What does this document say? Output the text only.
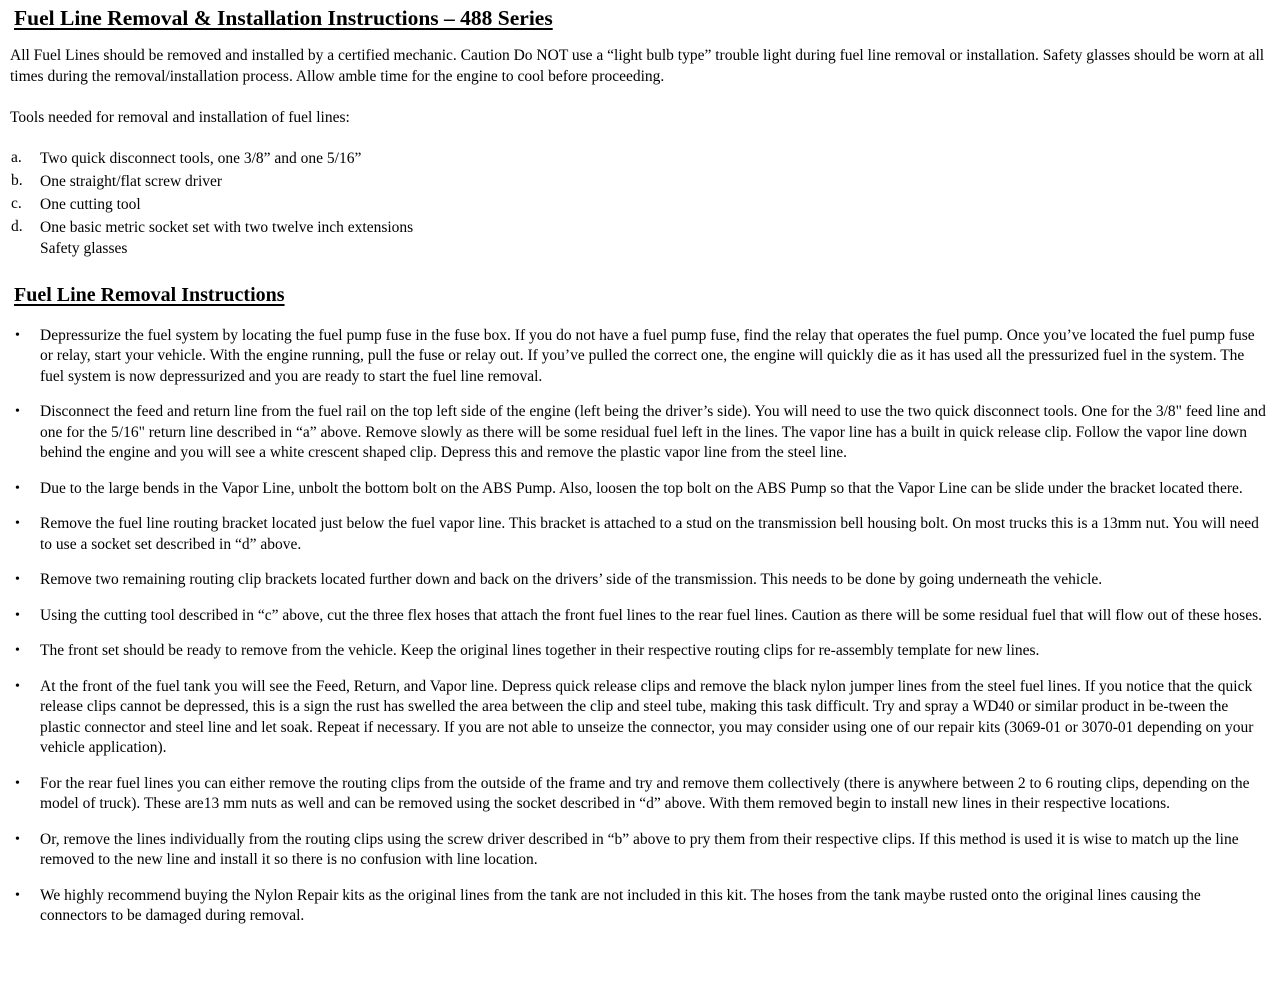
Fuel Line Removal & Installation Instructions – 488 Series

All Fuel Lines should be removed and installed by a certified mechanic. Caution Do NOT use a “light bulb type” trouble light during fuel line removal or installation. Safety glasses should be worn at all times during the removal/installation process. Allow amble time for the engine to cool before proceeding.

Tools needed for removal and installation of fuel lines:

a.	Two quick disconnect tools, one 3/8” and one 5/16”
b.	One straight/flat screw driver
c.	One cutting tool
d.	One basic metric socket set with two twelve inch extensions
Safety glasses
Fuel Line Removal Instructions
•	Depressurize the fuel system by locating the fuel pump fuse in the fuse box. If you do not have a fuel pump fuse, find the relay that operates the fuel pump. Once you’ve located the fuel pump fuse or relay, start your vehicle. With the engine running, pull the fuse or relay out. If you’ve pulled the correct one, the engine will quickly die as it has used all the pressurized fuel in the system. The fuel system is now depressurized and you are ready to start the fuel line removal.
•	Disconnect the feed and return line from the fuel rail on the top left side of the engine (left being the driver’s side). You will need to use the two quick disconnect tools. One for the 3/8" feed line and one for the 5/16" return line described in “a” above. Remove slowly as there will be some residual fuel left in the lines. The vapor line has a built in quick release clip. Follow the vapor line down behind the engine and you will see a white crescent shaped clip. Depress this and remove the plastic vapor line from the steel line.
•	Due to the large bends in the Vapor Line, unbolt the bottom bolt on the ABS Pump. Also, loosen the top bolt on the ABS Pump so that the Vapor Line can be slide under the bracket located there.
•	Remove the fuel line routing bracket located just below the fuel vapor line. This bracket is attached to a stud on the transmission bell housing bolt. On most trucks this is a 13mm nut. You will need to use a socket set described in “d” above.
•	Remove two remaining routing clip brackets located further down and back on the drivers’ side of the transmission. This needs to be done by going underneath the vehicle.
•	Using the cutting tool described in “c” above, cut the three flex hoses that attach the front fuel lines to the rear fuel lines. Caution as there will be some residual fuel that will flow out of these hoses.
•	The front set should be ready to remove from the vehicle. Keep the original lines together in their respective routing clips for re-assembly template for new lines.
•	At the front of the fuel tank you will see the Feed, Return, and Vapor line. Depress quick release clips and remove the black nylon jumper lines from the steel fuel lines. If you notice that the quick release clips cannot be depressed, this is a sign the rust has swelled the area between the clip and steel tube, making this task difficult. Try and spray a WD40 or similar product in be-tween the plastic connector and steel line and let soak. Repeat if necessary. If you are not able to unseize the connector, you may consider using one of our repair kits (3069-01 or 3070-01 depending on your vehicle application).
•	For the rear fuel lines you can either remove the routing clips from the outside of the frame and try and remove them collectively (there is anywhere between 2 to 6 routing clips, depending on the model of truck). These are13 mm nuts as well and can be removed using the socket described in “d” above. With them removed begin to install new lines in their respective locations.
•	Or, remove the lines individually from the routing clips using the screw driver described in “b” above to pry them from their respective clips. If this method is used it is wise to match up the line removed to the new line and install it so there is no confusion with line location.
•	We highly recommend buying the Nylon Repair kits as the original lines from the tank are not included in this kit. The hoses from the tank maybe rusted onto the original lines causing the connectors to be damaged during removal.
